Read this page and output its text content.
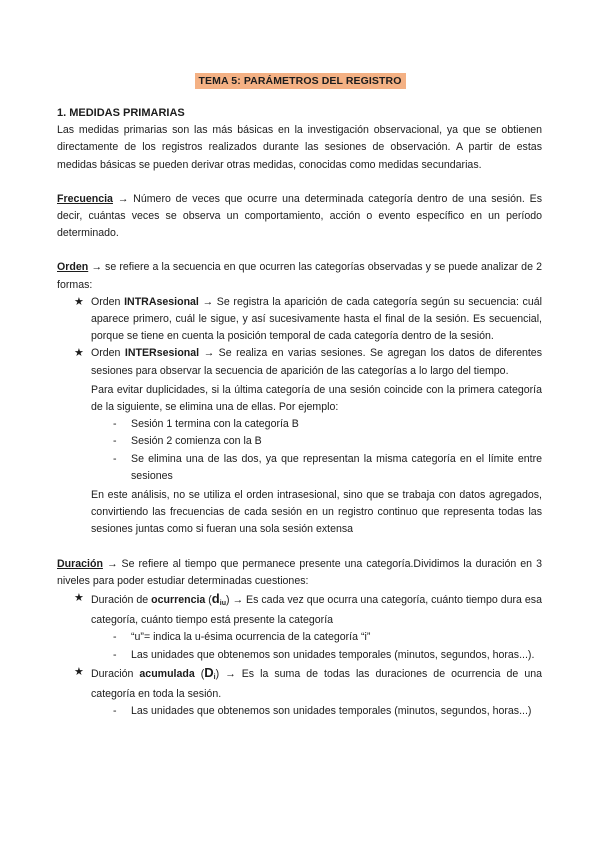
TEMA 5: PARÁMETROS DEL REGISTRO

1. MEDIDAS PRIMARIAS

Las medidas primarias son las más básicas en la investigación observacional, ya que se obtienen directamente de los registros realizados durante las sesiones de observación. A partir de estas medidas básicas se pueden derivar otras medidas, conocidas como medidas secundarias.

Frecuencia → Número de veces que ocurre una determinada categoría dentro de una sesión. Es decir, cuántas veces se observa un comportamiento, acción o evento específico en un período determinado.

Orden → se refiere a la secuencia en que ocurren las categorías observadas y se puede analizar de 2 formas:

★ Orden INTRAsesional → Se registra la aparición de cada categoría según su secuencia: cuál aparece primero, cuál le sigue, y así sucesivamente hasta el final de la sesión. Es secuencial, porque se tiene en cuenta la posición temporal de cada categoría dentro de la sesión.
★ Orden INTERsesional → Se realiza en varias sesiones. Se agregan los datos de diferentes sesiones para observar la secuencia de aparición de las categorías a lo largo del tiempo.

Para evitar duplicidades, si la última categoría de una sesión coincide con la primera categoría de la siguiente, se elimina una de ellas. Por ejemplo:

- Sesión 1 termina con la categoría B
- Sesión 2 comienza con la B
- Se elimina una de las dos, ya que representan la misma categoría en el límite entre sesiones

En este análisis, no se utiliza el orden intrasesional, sino que se trabaja con datos agregados, convirtiendo las frecuencias de cada sesión en un registro continuo que representa todas las sesiones juntas como si fueran una sola sesión extensa

Duración → Se refiere al tiempo que permanece presente una categoría.Dividimos la duración en 3 niveles para poder estudiar determinadas cuestiones:

★ Duración de ocurrencia $(d_{iu}) \to Es$ cada vez que ocurra una categoría, cuánto tiempo dura esa categoría, cuánto tiempo está presente la categoría
- “u”= indica la u-ésima ocurrencia de la categoría “i”
- Las unidades que obtenemos son unidades temporales (minutos, segundos, horas...).
★ Duración acumulada $(D_i) \to Es$ la suma de todas las duraciones de ocurrencia de una categoría en toda la sesión.
- Las unidades que obtenemos son unidades temporales (minutos, segundos, horas...)
